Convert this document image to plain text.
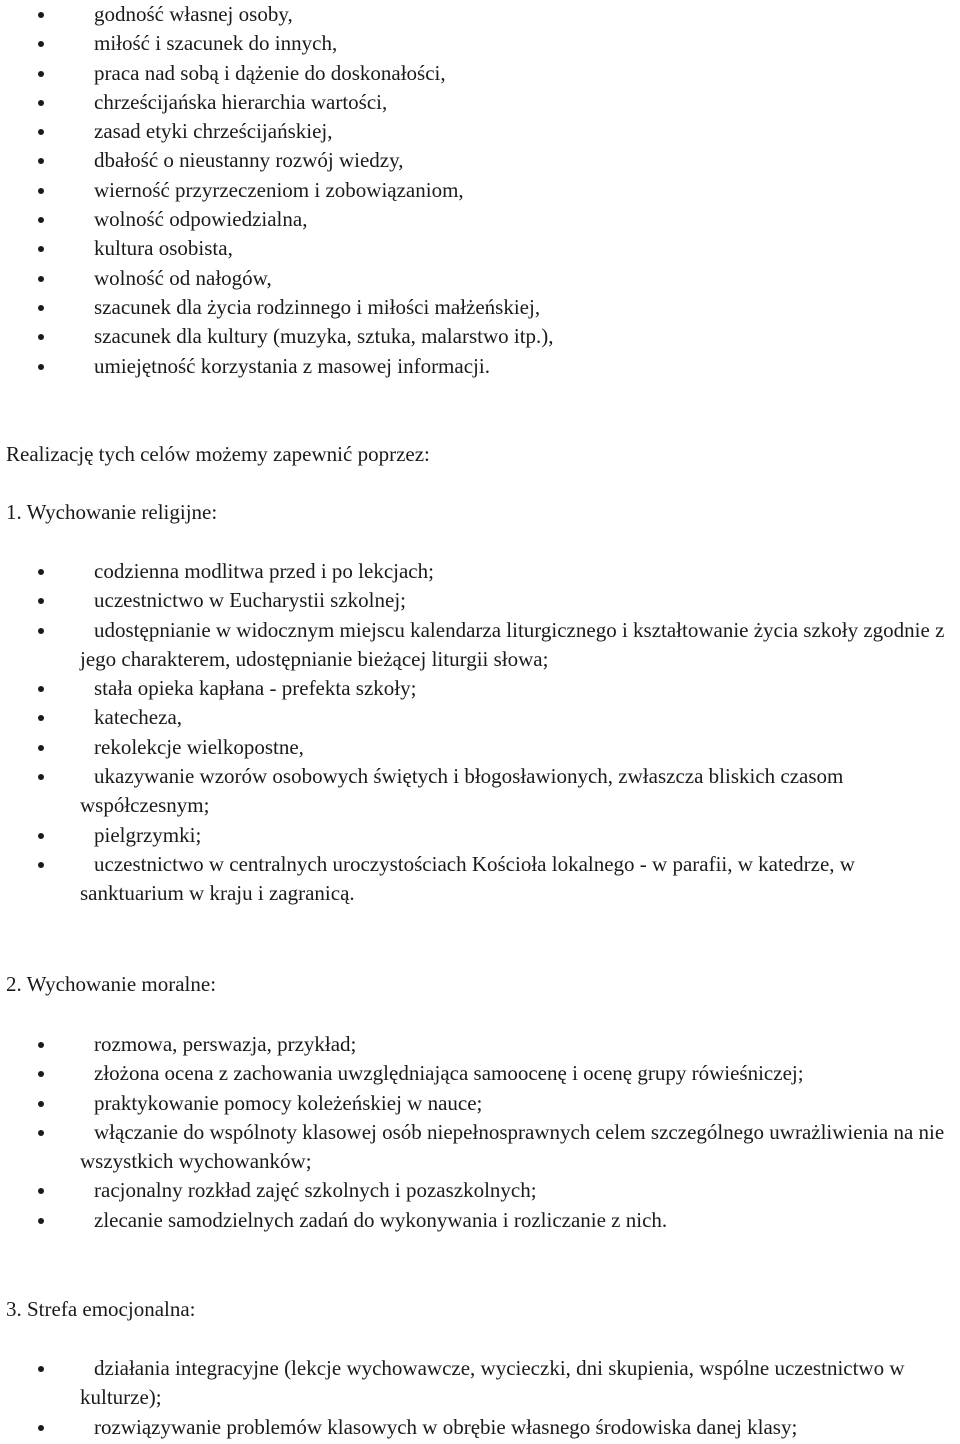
godność własnej osoby,
miłość i szacunek do innych,
praca nad sobą i dążenie do doskonałości,
chrześcijańska hierarchia wartości,
zasad etyki chrześcijańskiej,
dbałość o nieustanny rozwój wiedzy,
wierność przyrzeczeniom i zobowiązaniom,
wolność odpowiedzialna,
kultura osobista,
wolność od nałogów,
szacunek dla życia rodzinnego i miłości małżeńskiej,
szacunek dla kultury (muzyka, sztuka, malarstwo itp.),
umiejętność korzystania z masowej informacji.
Realizację tych celów możemy zapewnić poprzez:
1. Wychowanie religijne:
codzienna modlitwa przed i po lekcjach;
uczestnictwo w Eucharystii szkolnej;
udostępnianie w widocznym miejscu kalendarza liturgicznego i kształtowanie życia szkoły zgodnie z jego charakterem, udostępnianie bieżącej liturgii słowa;
stała opieka kapłana - prefekta szkoły;
katecheza,
rekolekcje wielkopostne,
ukazywanie wzorów osobowych świętych i błogosławionych, zwłaszcza bliskich czasom współczesnym;
pielgrzymki;
uczestnictwo w centralnych uroczystościach Kościoła lokalnego - w parafii, w katedrze, w sanktuarium w kraju i zagranicą.
2. Wychowanie moralne:
rozmowa, perswazja, przykład;
złożona ocena z zachowania uwzględniająca samoocenę i ocenę grupy rówieśniczej;
praktykowanie pomocy koleżeńskiej w nauce;
włączanie do wspólnoty klasowej osób niepełnosprawnych celem szczególnego uwrażliwienia na nie wszystkich wychowanków;
racjonalny rozkład zajęć szkolnych i pozaszkolnych;
zlecanie samodzielnych zadań do wykonywania i rozliczanie z nich.
3. Strefa emocjonalna:
działania integracyjne (lekcje wychowawcze, wycieczki, dni skupienia, wspólne uczestnictwo w kulturze);
rozwiązywanie problemów klasowych w obrębie własnego środowiska danej klasy;
